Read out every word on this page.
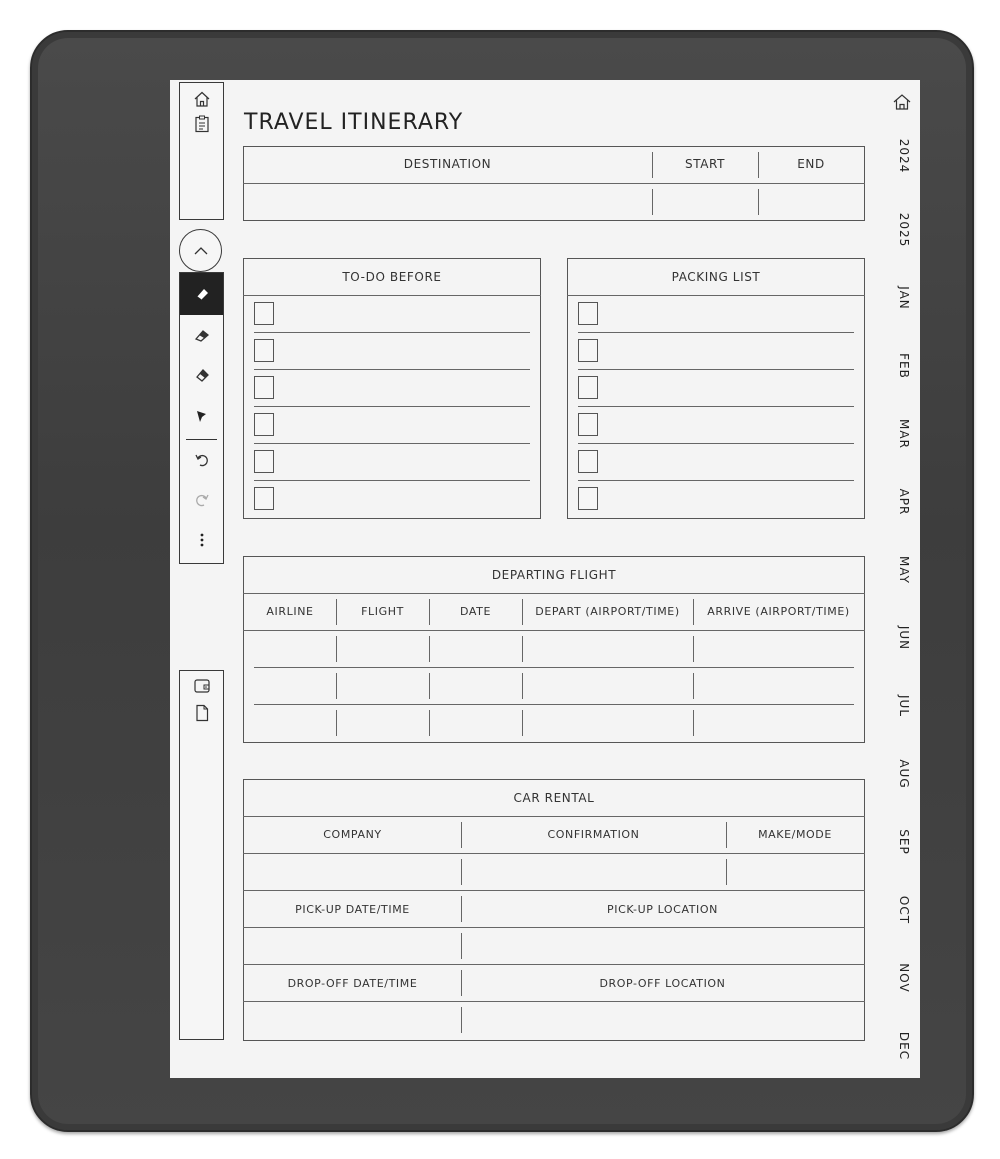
TRAVEL ITINERARY
DESTINATION	START	END
TO-DO BEFORE	PACKING LIST
DEPARTING FLIGHT
AIRLINE	FLIGHT	DATE	DEPART (AIRPORT/TIME)	ARRIVE (AIRPORT/TIME)
CAR RENTAL
COMPANY	CONFIRMATION	MAKE/MODE
PICK-UP DATE/TIME	PICK-UP LOCATION
DROP-OFF DATE/TIME	DROP-OFF LOCATION
2024
2025
JAN
FEB
MAR
APR
MAY
JUN
JUL
AUG
SEP
OCT
NOV
DEC
